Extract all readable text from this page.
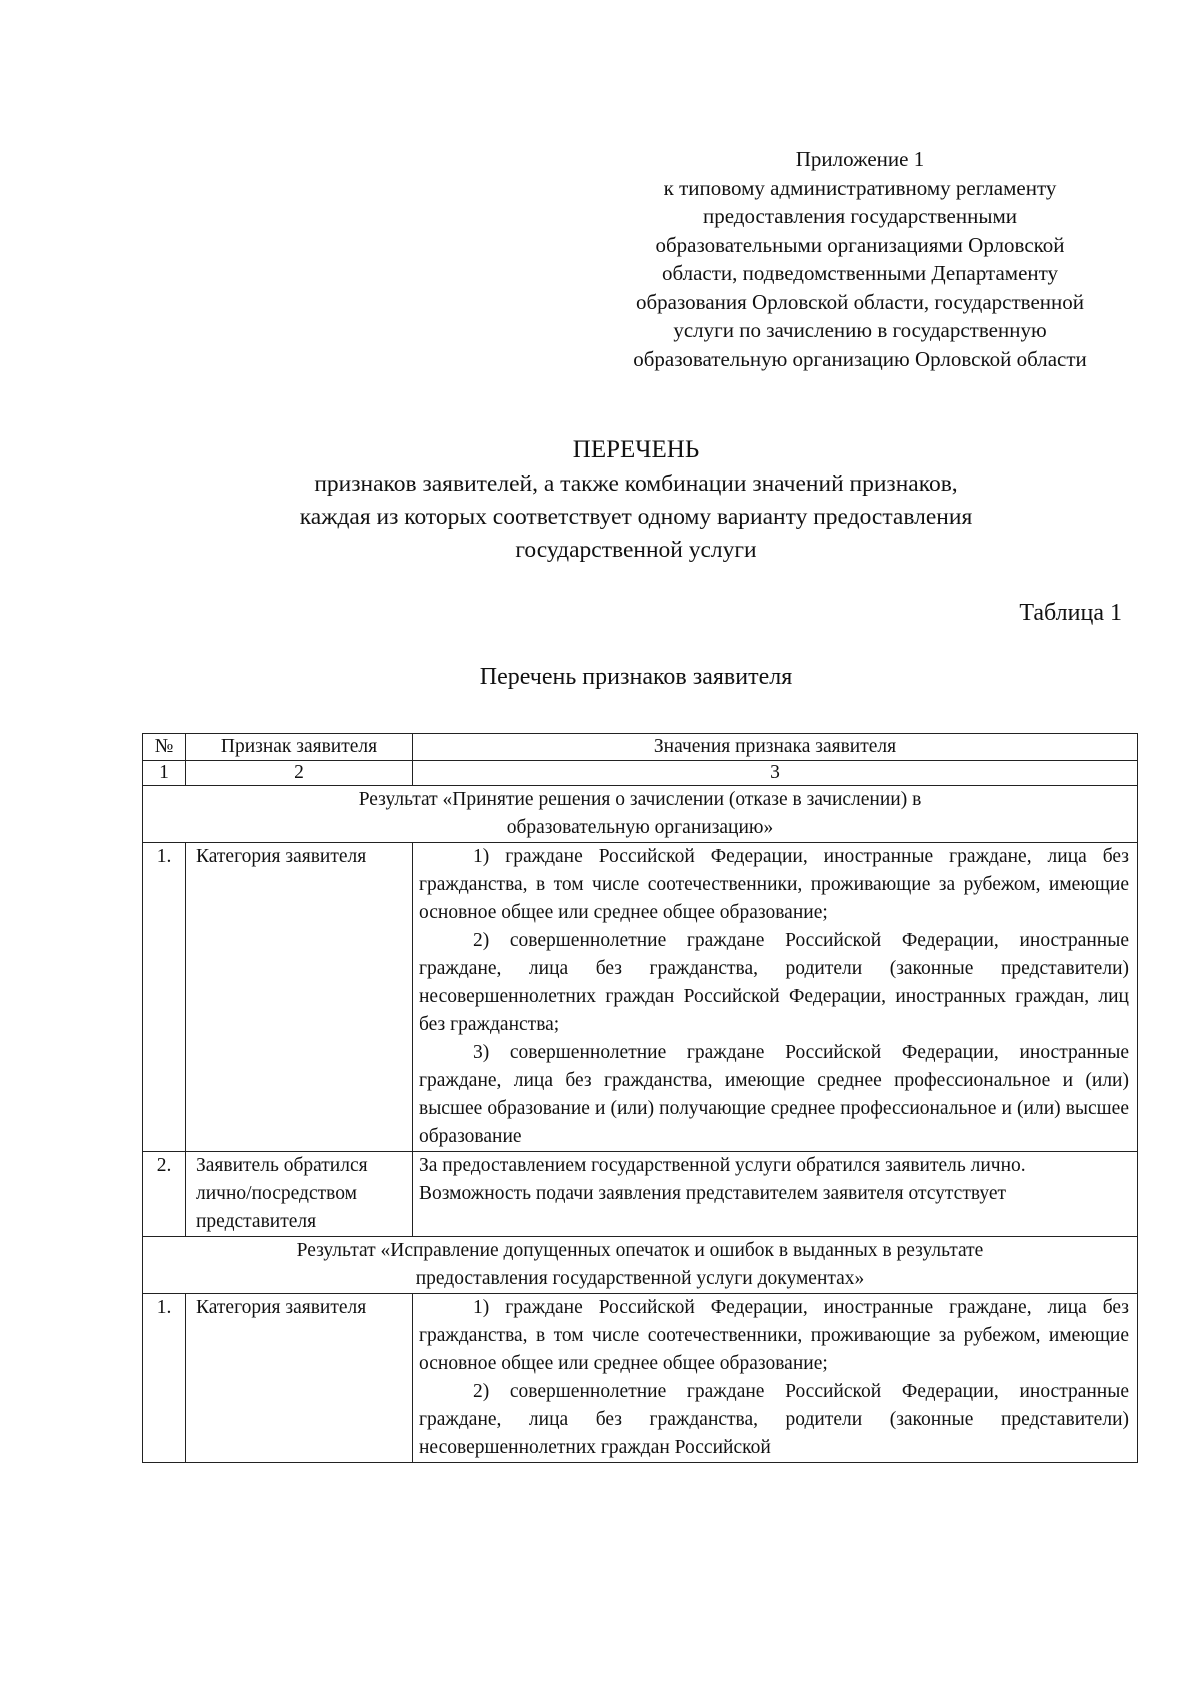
Приложение 1
к типовому административному регламенту
предоставления государственными
образовательными организациями Орловской
области, подведомственными Департаменту
образования Орловской области, государственной
услуги по зачислению в государственную
образовательную организацию Орловской области
ПЕРЕЧЕНЬ
признаков заявителей, а также комбинации значений признаков,
каждая из которых соответствует одному варианту предоставления
государственной услуги
Таблица 1
Перечень признаков заявителя
№	Признак заявителя	Значения признака заявителя
1	2	3
Результат «Принятие решения о зачислении (отказе в зачислении) в образовательную организацию»		
1.	Категория заявителя	1) граждане Российской Федерации, иностранные граждане, лица без гражданства, в том числе соотечественники, проживающие за рубежом, имеющие основное общее или среднее общее образование;

2) совершеннолетние граждане Российской Федерации, иностранные граждане, лица без гражданства, родители (законные представители) несовершеннолетних граждан Российской Федерации, иностранных граждан, лиц без гражданства;

3) совершеннолетние граждане Российской Федерации, иностранные граждане, лица без гражданства, имеющие среднее профессиональное и (или) высшее образование и (или) получающие среднее профессиональное и (или) высшее образование

2.	Заявитель обратился лично/посредством представителя	За предоставлением государственной услуги обратился заявитель лично.

Возможность подачи заявления представителем заявителя отсутствует

Результат «Исправление допущенных опечаток и ошибок в выданных в результате предоставления государственной услуги документах»		
1.	Категория заявителя	1) граждане Российской Федерации, иностранные граждане, лица без гражданства, в том числе соотечественники, проживающие за рубежом, имеющие основное общее или среднее общее образование;

2) совершеннолетние граждане Российской Федерации, иностранные граждане, лица без гражданства, родители (законные представители) несовершеннолетних граждан Российской
